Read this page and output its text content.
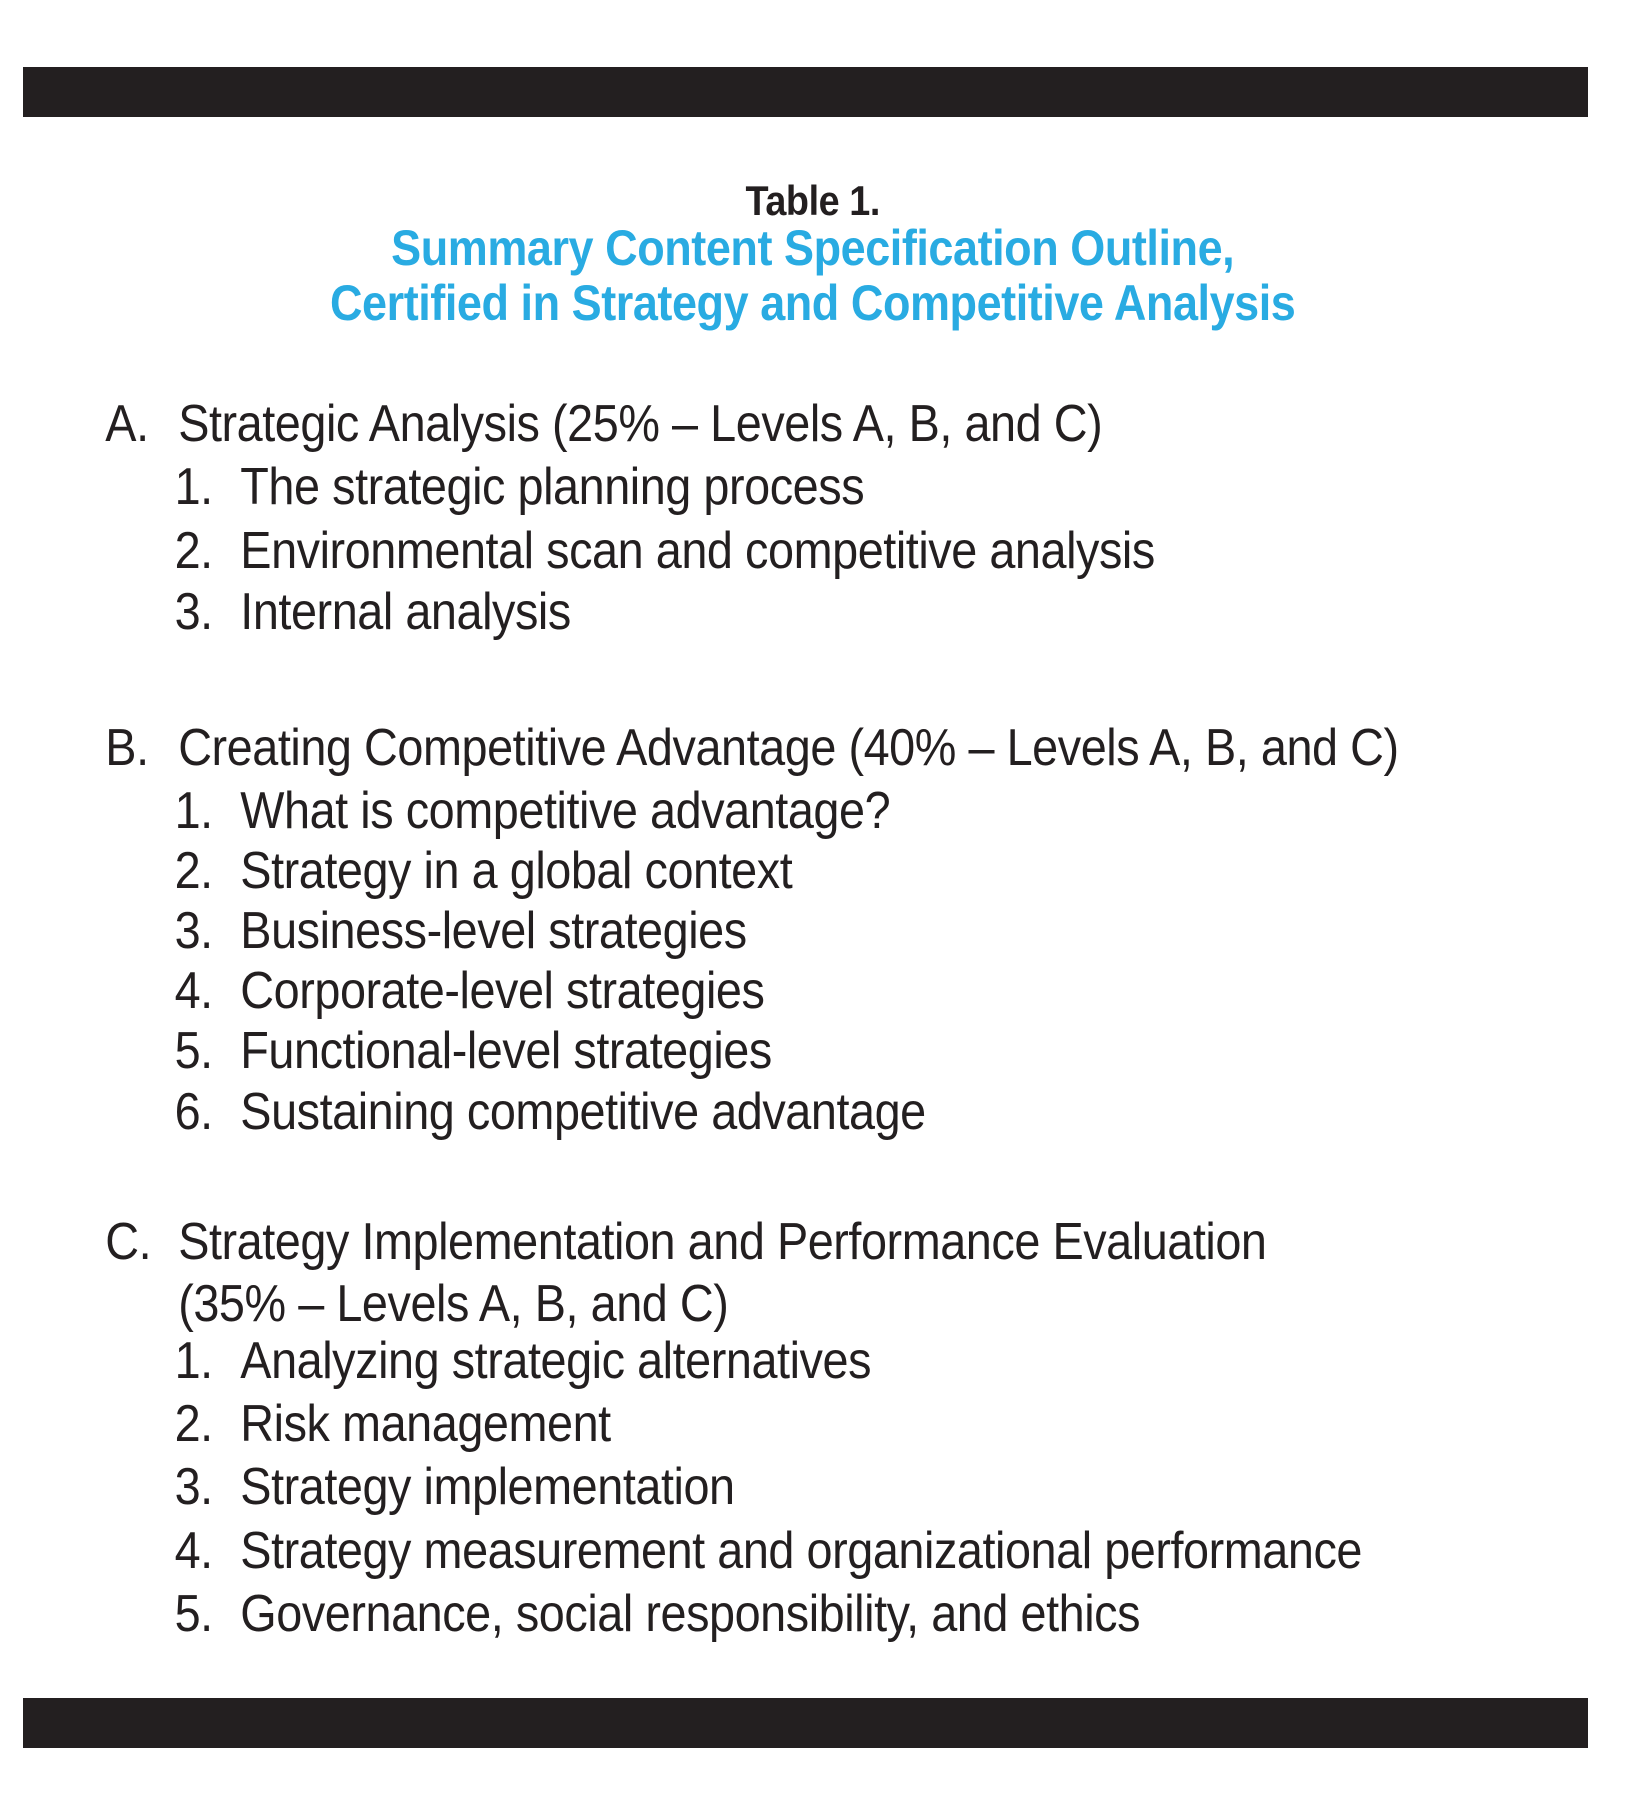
Table 1.
Summary Content Specification Outline,
Certified in Strategy and Competitive Analysis
A. Strategic Analysis (25% – Levels A, B, and C)
1. The strategic planning process
2. Environmental scan and competitive analysis
3. Internal analysis
B. Creating Competitive Advantage (40% – Levels A, B, and C)
1. What is competitive advantage?
2. Strategy in a global context
3. Business-level strategies
4. Corporate-level strategies
5. Functional-level strategies
6. Sustaining competitive advantage
C. Strategy Implementation and Performance Evaluation
(35% – Levels A, B, and C)
1. Analyzing strategic alternatives
2. Risk management
3. Strategy implementation
4. Strategy measurement and organizational performance
5. Governance, social responsibility, and ethics
